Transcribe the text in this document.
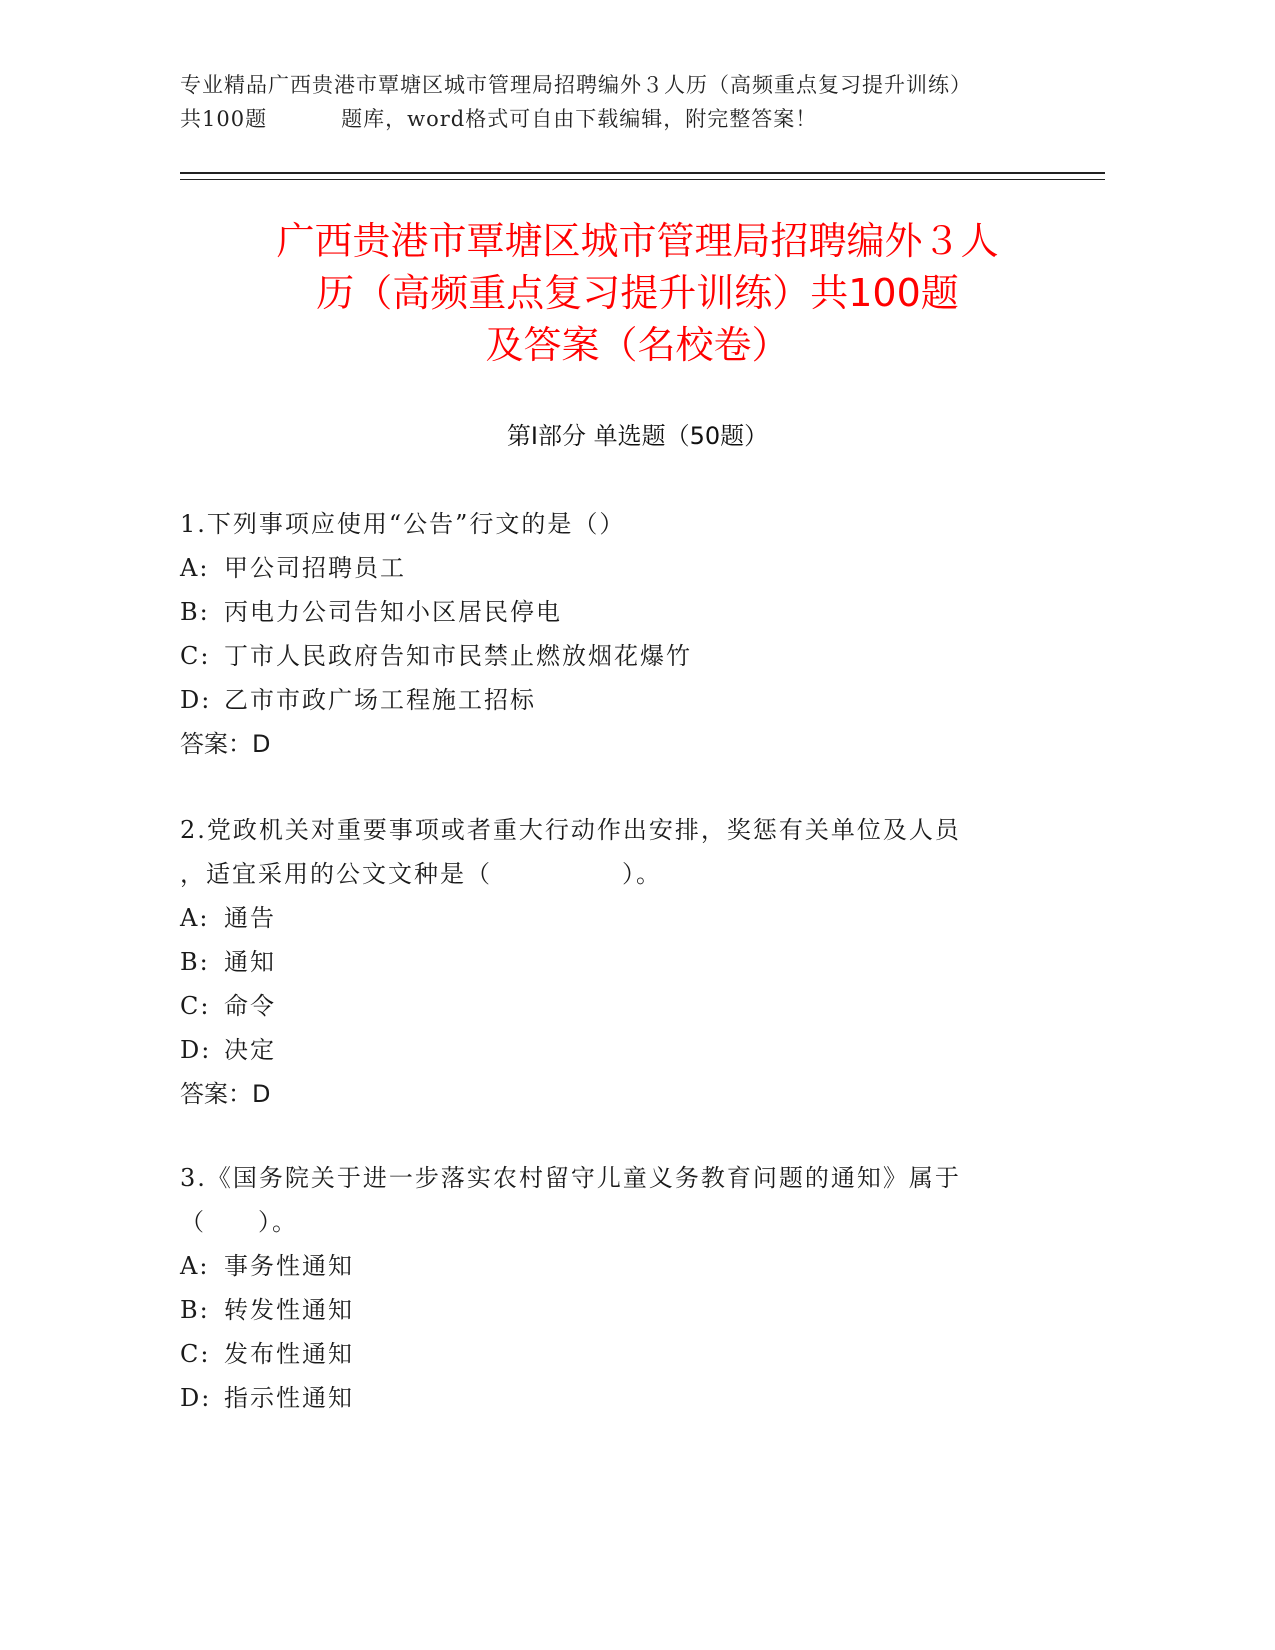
专业精品广西贵港市覃塘区城市管理局招聘编外３人历（高频重点复习提升训练）
共100题	题库，word格式可自由下载编辑，附完整答案！
广西贵港市覃塘区城市管理局招聘编外３人
历（高频重点复习提升训练）共100题
及答案（名校卷）
第Ⅰ部分 单选题（50题）
1.下列事项应使用“公告”行文的是（）
A: 甲公司招聘员工
B: 丙电力公司告知小区居民停电
C: 丁市人民政府告知市民禁止燃放烟花爆竹
D: 乙市市政广场工程施工招标
答案：D
2.党政机关对重要事项或者重大行动作出安排，奖惩有关单位及人员
，适宜采用的公文文种是（　　　　　）。
A: 通告
B: 通知
C: 命令
D: 决定
答案：D
3.《国务院关于进一步落实农村留守儿童义务教育问题的通知》属于
（　　）。
A: 事务性通知
B: 转发性通知
C: 发布性通知
D: 指示性通知
